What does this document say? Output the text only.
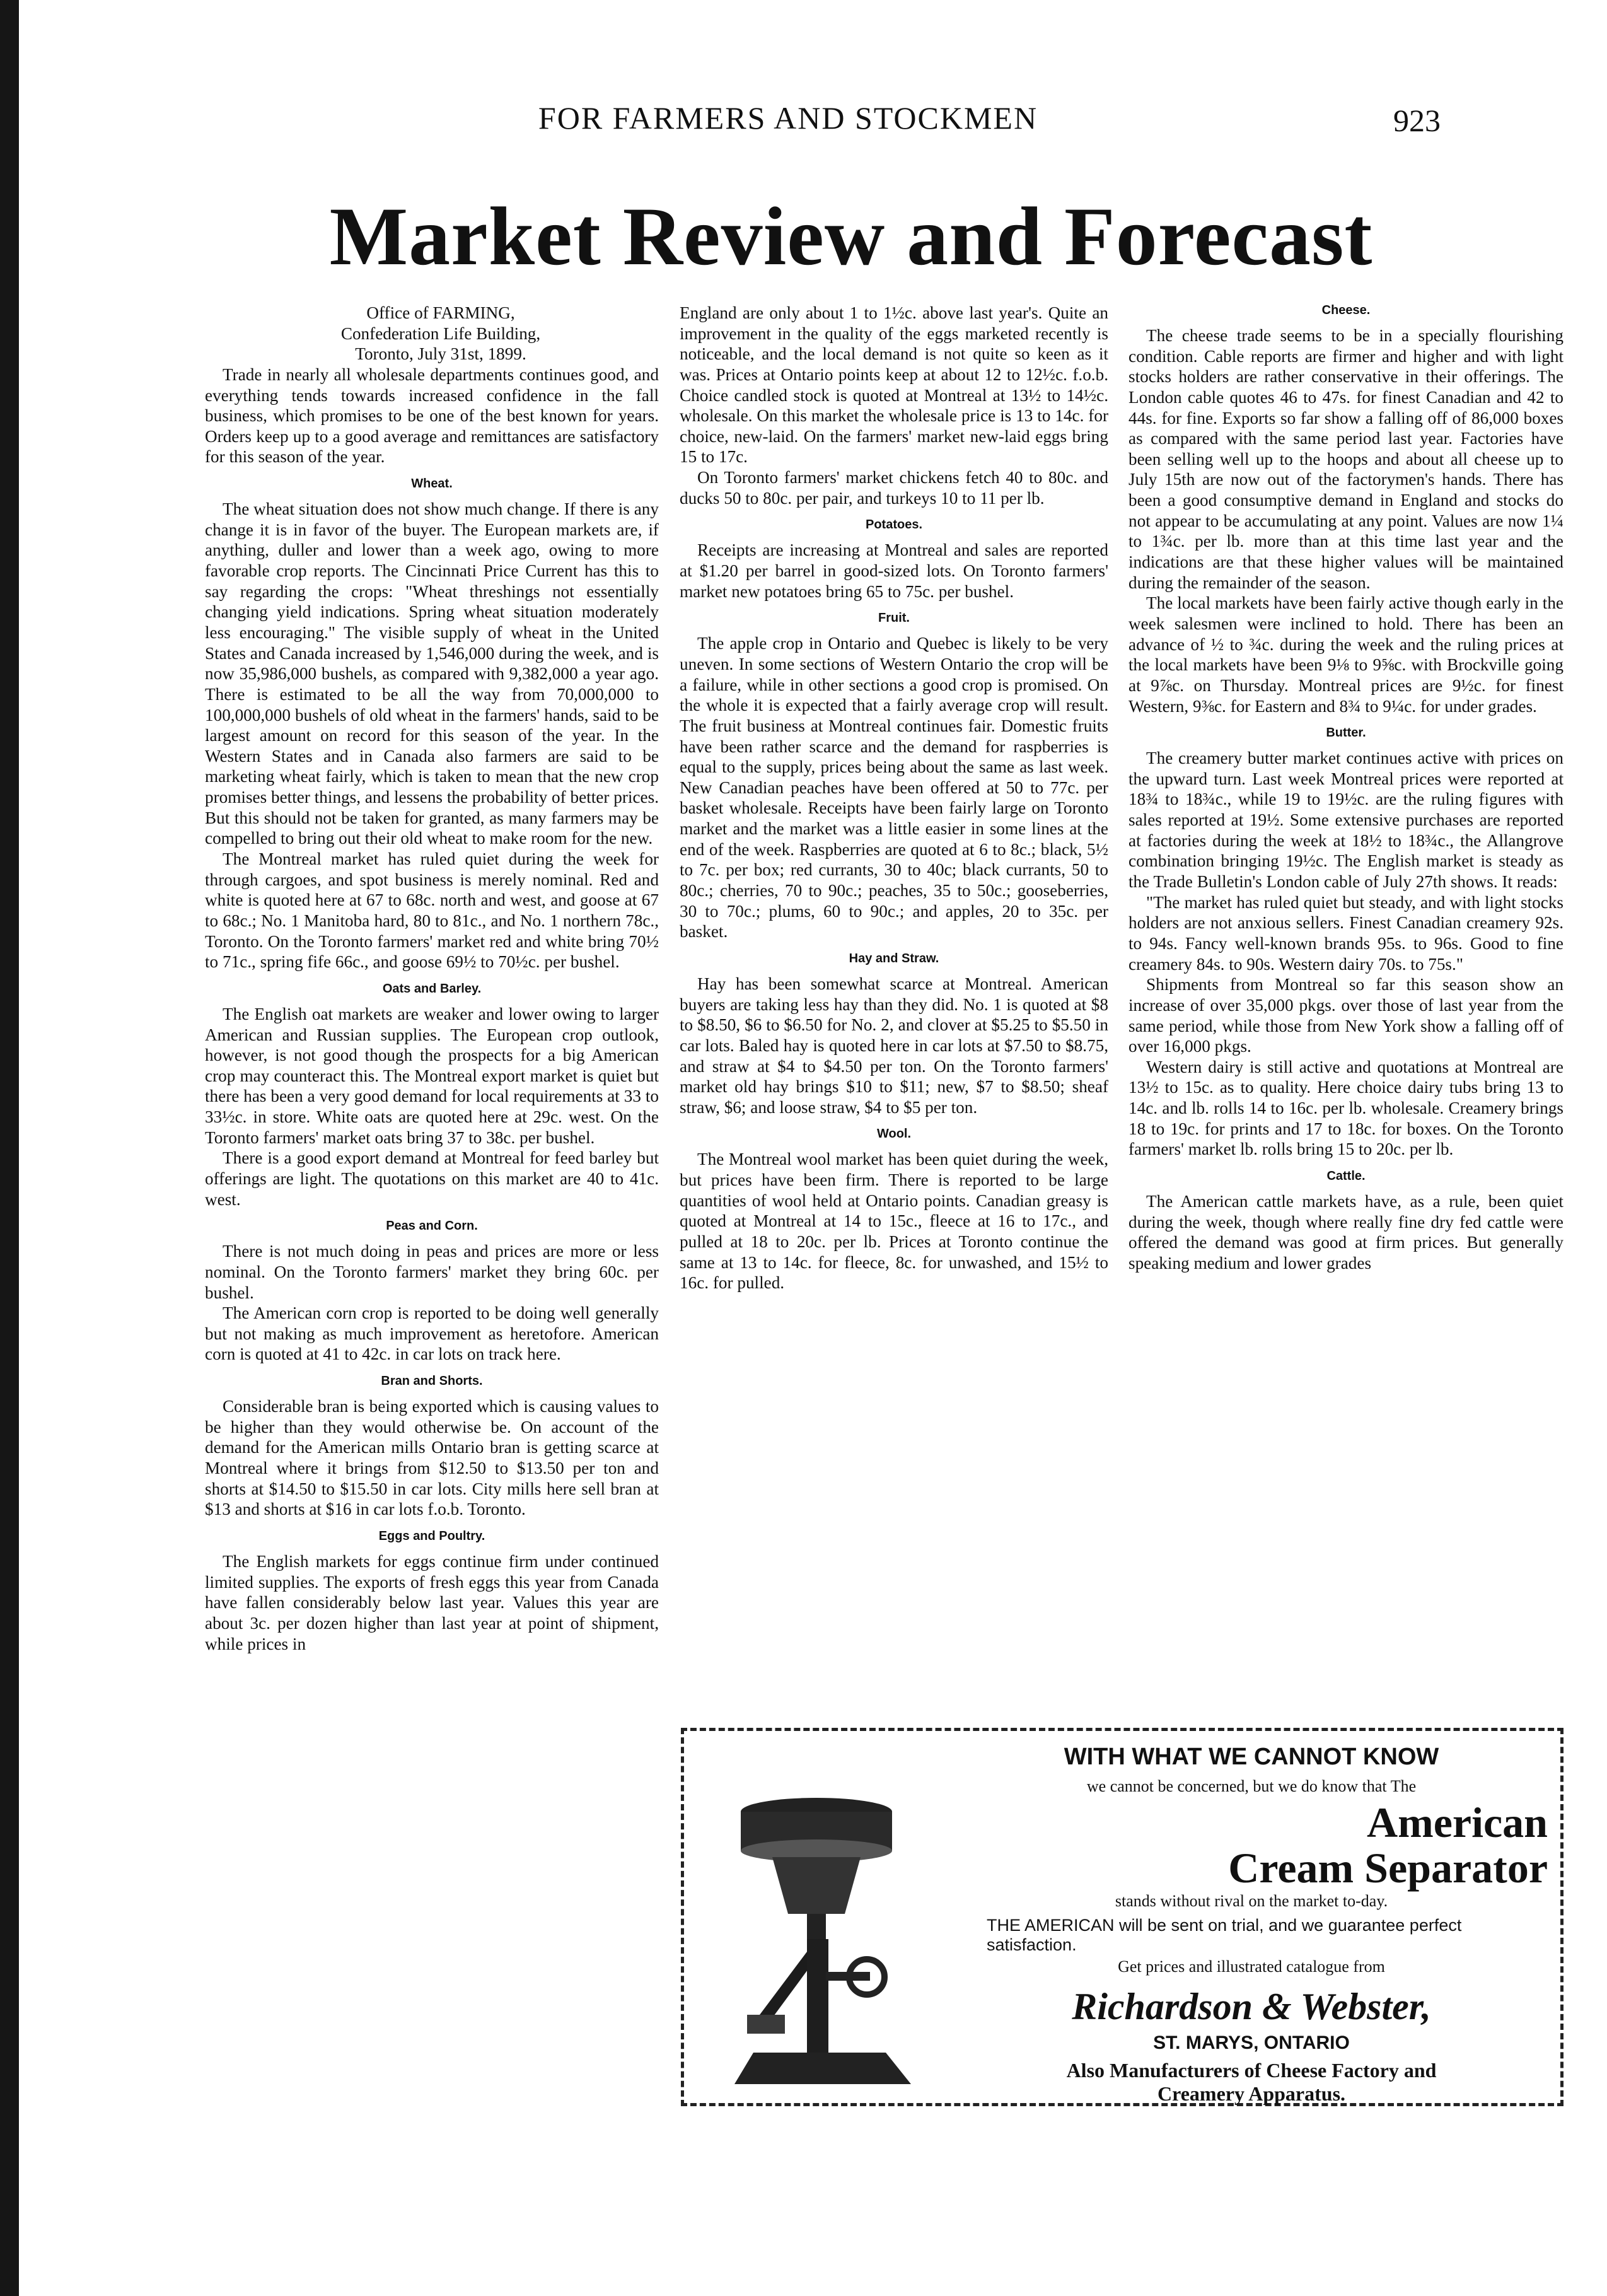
FOR FARMERS AND STOCKMEN	923
Market Review and Forecast

Office of FARMING,

Confederation Life Building,

Toronto, July 31st, 1899.

Trade in nearly all wholesale departments continues good, and everything tends towards increased confidence in the fall business, which promises to be one of the best known for years. Orders keep up to a good average and remittances are satisfactory for this season of the year.

Wheat.

The wheat situation does not show much change. If there is any change it is in favor of the buyer. The European markets are, if anything, duller and lower than a week ago, owing to more favorable crop reports. The Cincinnati Price Current has this to say regarding the crops: "Wheat threshings not essentially changing yield indications. Spring wheat situation moderately less encouraging." The visible supply of wheat in the United States and Canada increased by 1,546,000 during the week, and is now 35,986,000 bushels, as compared with 9,382,000 a year ago. There is estimated to be all the way from 70,000,000 to 100,000,000 bushels of old wheat in the farmers' hands, said to be largest amount on record for this season of the year. In the Western States and in Canada also farmers are said to be marketing wheat fairly, which is taken to mean that the new crop promises better things, and lessens the probability of better prices. But this should not be taken for granted, as many farmers may be compelled to bring out their old wheat to make room for the new.

The Montreal market has ruled quiet during the week for through cargoes, and spot business is merely nominal. Red and white is quoted here at 67 to 68c. north and west, and goose at 67 to 68c.; No. 1 Manitoba hard, 80 to 81c., and No. 1 northern 78c., Toronto. On the Toronto farmers' market red and white bring 70½ to 71c., spring fife 66c., and goose 69½ to 70½c. per bushel.

Oats and Barley.

The English oat markets are weaker and lower owing to larger American and Russian supplies. The European crop outlook, however, is not good though the prospects for a big American crop may counteract this. The Montreal export market is quiet but there has been a very good demand for local requirements at 33 to 33½c. in store. White oats are quoted here at 29c. west. On the Toronto farmers' market oats bring 37 to 38c. per bushel.

There is a good export demand at Montreal for feed barley but offerings are light. The quotations on this market are 40 to 41c. west.

Peas and Corn.

There is not much doing in peas and prices are more or less nominal. On the Toronto farmers' market they bring 60c. per bushel.

The American corn crop is reported to be doing well generally but not making as much improvement as heretofore. American corn is quoted at 41 to 42c. in car lots on track here.

Bran and Shorts.

Considerable bran is being exported which is causing values to be higher than they would otherwise be. On account of the demand for the American mills Ontario bran is getting scarce at Montreal where it brings from $12.50 to $13.50 per ton and shorts at $14.50 to $15.50 in car lots. City mills here sell bran at $13 and shorts at $16 in car lots f.o.b. Toronto.

Eggs and Poultry.

The English markets for eggs continue firm under continued limited supplies. The exports of fresh eggs this year from Canada have fallen considerably below last year. Values this year are about 3c. per dozen higher than last year at point of shipment, while prices in

England are only about 1 to 1½c. above last year's. Quite an improvement in the quality of the eggs marketed recently is noticeable, and the local demand is not quite so keen as it was. Prices at Ontario points keep at about 12 to 12½c. f.o.b. Choice candled stock is quoted at Montreal at 13½ to 14½c. wholesale. On this market the wholesale price is 13 to 14c. for choice, new-laid. On the farmers' market new-laid eggs bring 15 to 17c.

On Toronto farmers' market chickens fetch 40 to 80c. and ducks 50 to 80c. per pair, and turkeys 10 to 11 per lb.

Potatoes.

Receipts are increasing at Montreal and sales are reported at $1.20 per barrel in good-sized lots. On Toronto farmers' market new potatoes bring 65 to 75c. per bushel.

Fruit.

The apple crop in Ontario and Quebec is likely to be very uneven. In some sections of Western Ontario the crop will be a failure, while in other sections a good crop is promised. On the whole it is expected that a fairly average crop will result. The fruit business at Montreal continues fair. Domestic fruits have been rather scarce and the demand for raspberries is equal to the supply, prices being about the same as last week. New Canadian peaches have been offered at 50 to 77c. per basket wholesale. Receipts have been fairly large on Toronto market and the market was a little easier in some lines at the end of the week. Raspberries are quoted at 6 to 8c.; black, 5½ to 7c. per box; red currants, 30 to 40c; black currants, 50 to 80c.; cherries, 70 to 90c.; peaches, 35 to 50c.; gooseberries, 30 to 70c.; plums, 60 to 90c.; and apples, 20 to 35c. per basket.

Hay and Straw.

Hay has been somewhat scarce at Montreal. American buyers are taking less hay than they did. No. 1 is quoted at $8 to $8.50, $6 to $6.50 for No. 2, and clover at $5.25 to $5.50 in car lots. Baled hay is quoted here in car lots at $7.50 to $8.75, and straw at $4 to $4.50 per ton. On the Toronto farmers' market old hay brings $10 to $11; new, $7 to $8.50; sheaf straw, $6; and loose straw, $4 to $5 per ton.

Wool.

The Montreal wool market has been quiet during the week, but prices have been firm. There is reported to be large quantities of wool held at Ontario points. Canadian greasy is quoted at Montreal at 14 to 15c., fleece at 16 to 17c., and pulled at 18 to 20c. per lb. Prices at Toronto continue the same at 13 to 14c. for fleece, 8c. for unwashed, and 15½ to 16c. for pulled.

Cheese.

The cheese trade seems to be in a specially flourishing condition. Cable reports are firmer and higher and with light stocks holders are rather conservative in their offerings. The London cable quotes 46 to 47s. for finest Canadian and 42 to 44s. for fine. Exports so far show a falling off of 86,000 boxes as compared with the same period last year. Factories have been selling well up to the hoops and about all cheese up to July 15th are now out of the factorymen's hands. There has been a good consumptive demand in England and stocks do not appear to be accumulating at any point. Values are now 1¼ to 1¾c. per lb. more than at this time last year and the indications are that these higher values will be maintained during the remainder of the season.

The local markets have been fairly active though early in the week salesmen were inclined to hold. There has been an advance of ½ to ¾c. during the week and the ruling prices at the local markets have been 9⅛ to 9⅝c. with Brockville going at 9⅞c. on Thursday. Montreal prices are 9½c. for finest Western, 9⅜c. for Eastern and 8¾ to 9¼c. for under grades.

Butter.

The creamery butter market continues active with prices on the upward turn. Last week Montreal prices were reported at 18¾ to 18¾c., while 19 to 19½c. are the ruling figures with sales reported at 19½. Some extensive purchases are reported at factories during the week at 18½ to 18¾c., the Allangrove combination bringing 19½c. The English market is steady as the Trade Bulletin's London cable of July 27th shows. It reads:

"The market has ruled quiet but steady, and with light stocks holders are not anxious sellers. Finest Canadian creamery 92s. to 94s. Fancy well-known brands 95s. to 96s. Good to fine creamery 84s. to 90s. Western dairy 70s. to 75s."

Shipments from Montreal so far this season show an increase of over 35,000 pkgs. over those of last year from the same period, while those from New York show a falling off of over 16,000 pkgs.

Western dairy is still active and quotations at Montreal are 13½ to 15c. as to quality. Here choice dairy tubs bring 13 to 14c. and lb. rolls 14 to 16c. per lb. wholesale. Creamery brings 18 to 19c. for prints and 17 to 18c. for boxes. On the Toronto farmers' market lb. rolls bring 15 to 20c. per lb.

Cattle.

The American cattle markets have, as a rule, been quiet during the week, though where really fine dry fed cattle were offered the demand was good at firm prices. But generally speaking medium and lower grades

WITH WHAT WE CANNOT KNOW

we cannot be concerned, but we do know that The

American

Cream Separator

stands without rival on the market to-day.

THE AMERICAN will be sent on trial, and we guarantee perfect satisfaction.

Get prices and illustrated catalogue from

Richardson & Webster,

ST. MARYS, ONTARIO

Also Manufacturers of Cheese Factory and

Creamery Apparatus.
